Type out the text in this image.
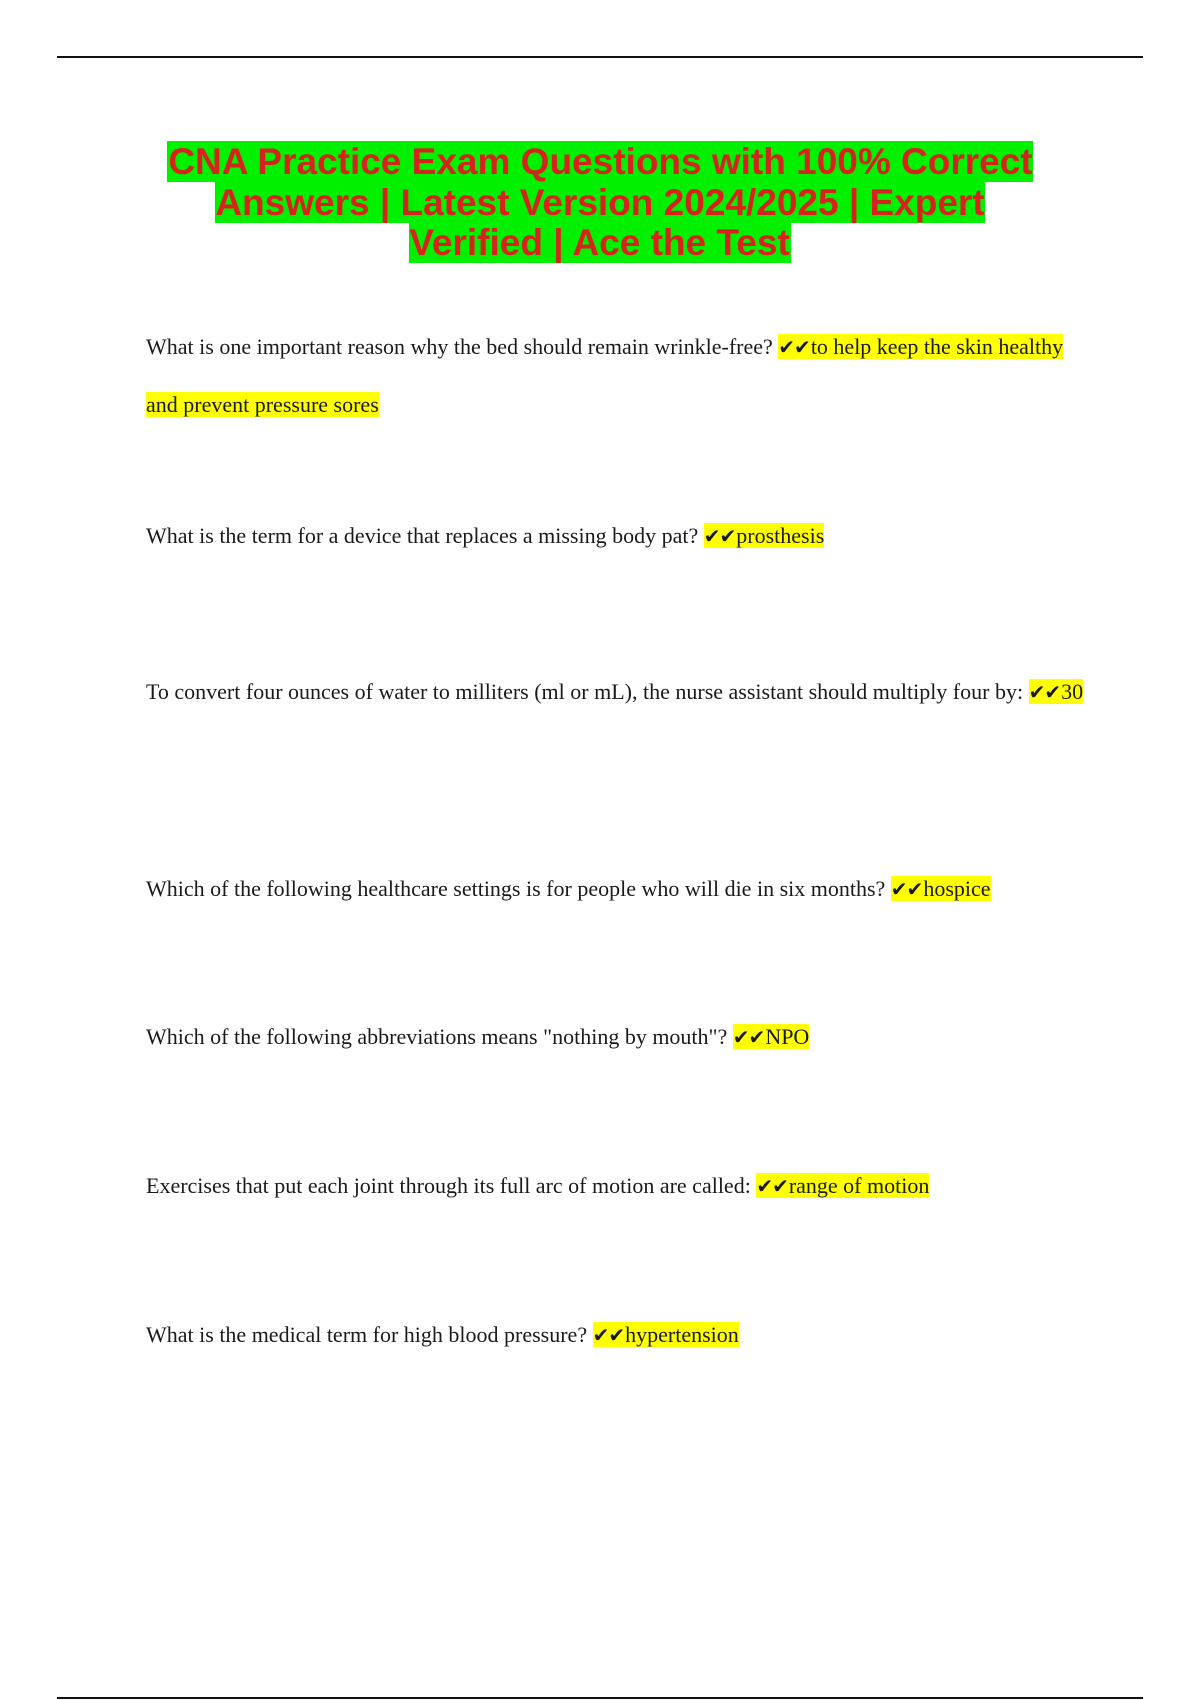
CNA Practice Exam Questions with 100% Correct Answers | Latest Version 2024/2025 | Expert Verified | Ace the Test

What is one important reason why the bed should remain wrinkle-free? ✔✔to help keep the skin healthy and prevent pressure sores

What is the term for a device that replaces a missing body pat? ✔✔prosthesis

To convert four ounces of water to milliters (ml or mL), the nurse assistant should multiply four by: ✔✔30

Which of the following healthcare settings is for people who will die in six months? ✔✔hospice

Which of the following abbreviations means "nothing by mouth"? ✔✔NPO

Exercises that put each joint through its full arc of motion are called: ✔✔range of motion

What is the medical term for high blood pressure? ✔✔hypertension
